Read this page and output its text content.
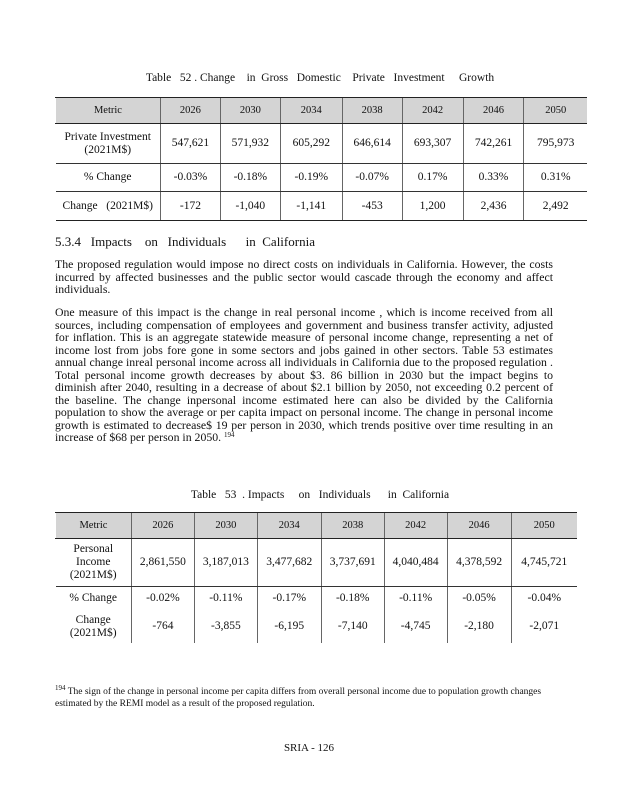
Table   52 . Change    in  Gross   Domestic    Private   Investment     Growth
Metric	2026	2030	2034	2038	2042	2046	2050
Private Investment (2021M$)	547,621	571,932	605,292	646,614	693,307	742,261	795,973
% Change	-0.03%	-0.18%	-0.19%	-0.07%	0.17%	0.33%	0.31%
Change   (2021M$)	-172	-1,040	-1,141	-453	1,200	2,436	2,492
5.3.4   Impacts    on   Individuals      in  California

The proposed regulation would impose no direct costs on individuals in California. However, the costs incurred by affected businesses and the public sector would cascade through the economy and affect individuals.

One measure of this impact is the change in real personal income , which is income received from all sources, including compensation of employees and government and business transfer activity, adjusted for inflation. This is an aggregate statewide measure of personal income change, representing a net of income lost from jobs fore gone in some sectors and jobs gained in other sectors. Table 53 estimates annual change inreal personal income across all individuals in California due to the proposed regulation . Total personal income growth decreases by about $3. 86 billion in 2030 but the impact begins to diminish after 2040, resulting in a decrease of about $2.1 billion by 2050, not exceeding 0.2 percent of the baseline. The change inpersonal income estimated here can also be divided by the California population to show the average or per capita impact on personal income. The change in personal income growth is estimated to decrease$ 19 per person in 2030, which trends positive over time resulting in an increase of $68 per person in 2050. $^{194}$

Table   53  . Impacts     on   Individuals      in  California
Metric	2026	2030	2034	2038	2042	2046	2050
Personal Income (2021M$)	2,861,550	3,187,013	3,477,682	3,737,691	4,040,484	4,378,592	4,745,721
% Change	-0.02%	-0.11%	-0.17%	-0.18%	-0.11%	-0.05%	-0.04%
Change (2021M$)	-764	-3,855	-6,195	-7,140	-4,745	-2,180	-2,071
$^{194}$ The sign of the change in personal income per capita differs from overall personal income due to population growth changes estimated by the REMI model as a result of the proposed regulation.
SRIA - 126
